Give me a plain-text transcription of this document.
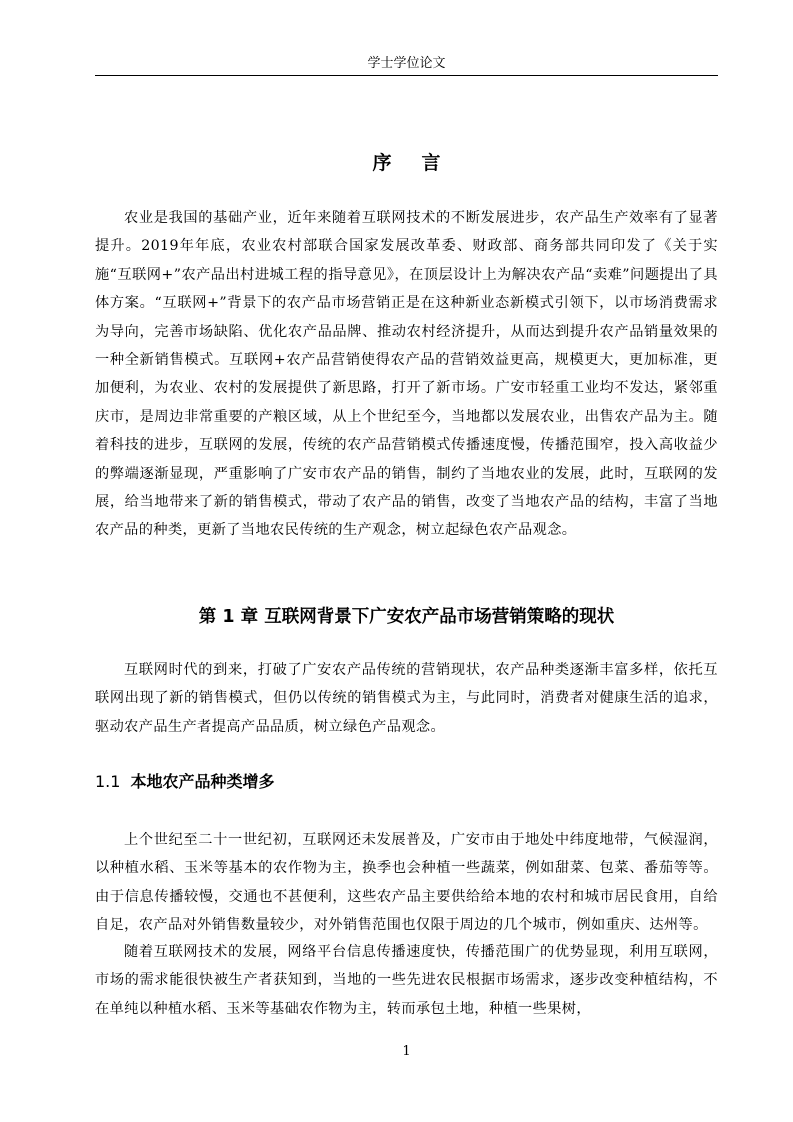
学士学位论文
序言

农业是我国的基础产业，近年来随着互联网技术的不断发展进步，农产品生产效率有了显著提升。2019年年底，农业农村部联合国家发展改革委、财政部、商务部共同印发了《关于实施“互联网+”农产品出村进城工程的指导意见》，在顶层设计上为解决农产品“卖难”问题提出了具体方案。“互联网+”背景下的农产品市场营销正是在这种新业态新模式引领下，以市场消费需求为导向，完善市场缺陷、优化农产品品牌、推动农村经济提升，从而达到提升农产品销量效果的一种全新销售模式。互联网+农产品营销使得农产品的营销效益更高，规模更大，更加标准，更加便利，为农业、农村的发展提供了新思路，打开了新市场。广安市轻重工业均不发达，紧邻重庆市，是周边非常重要的产粮区域，从上个世纪至今，当地都以发展农业，出售农产品为主。随着科技的进步，互联网的发展，传统的农产品营销模式传播速度慢，传播范围窄，投入高收益少的弊端逐渐显现，严重影响了广安市农产品的销售，制约了当地农业的发展，此时，互联网的发展，给当地带来了新的销售模式，带动了农产品的销售，改变了当地农产品的结构，丰富了当地农产品的种类，更新了当地农民传统的生产观念，树立起绿色农产品观念。

第 1 章 互联网背景下广安农产品市场营销策略的现状

互联网时代的到来，打破了广安农产品传统的营销现状，农产品种类逐渐丰富多样，依托互联网出现了新的销售模式，但仍以传统的销售模式为主，与此同时，消费者对健康生活的追求，驱动农产品生产者提高产品品质，树立绿色产品观念。

1.1 本地农产品种类增多

上个世纪至二十一世纪初，互联网还未发展普及，广安市由于地处中纬度地带，气候湿润，以种植水稻、玉米等基本的农作物为主，换季也会种植一些蔬菜，例如甜菜、包菜、番茄等等。由于信息传播较慢，交通也不甚便利，这些农产品主要供给给本地的农村和城市居民食用，自给自足，农产品对外销售数量较少，对外销售范围也仅限于周边的几个城市，例如重庆、达州等。

随着互联网技术的发展，网络平台信息传播速度快，传播范围广的优势显现，利用互联网，市场的需求能很快被生产者获知到，当地的一些先进农民根据市场需求，逐步改变种植结构，不在单纯以种植水稻、玉米等基础农作物为主，转而承包土地，种植一些果树，

1
